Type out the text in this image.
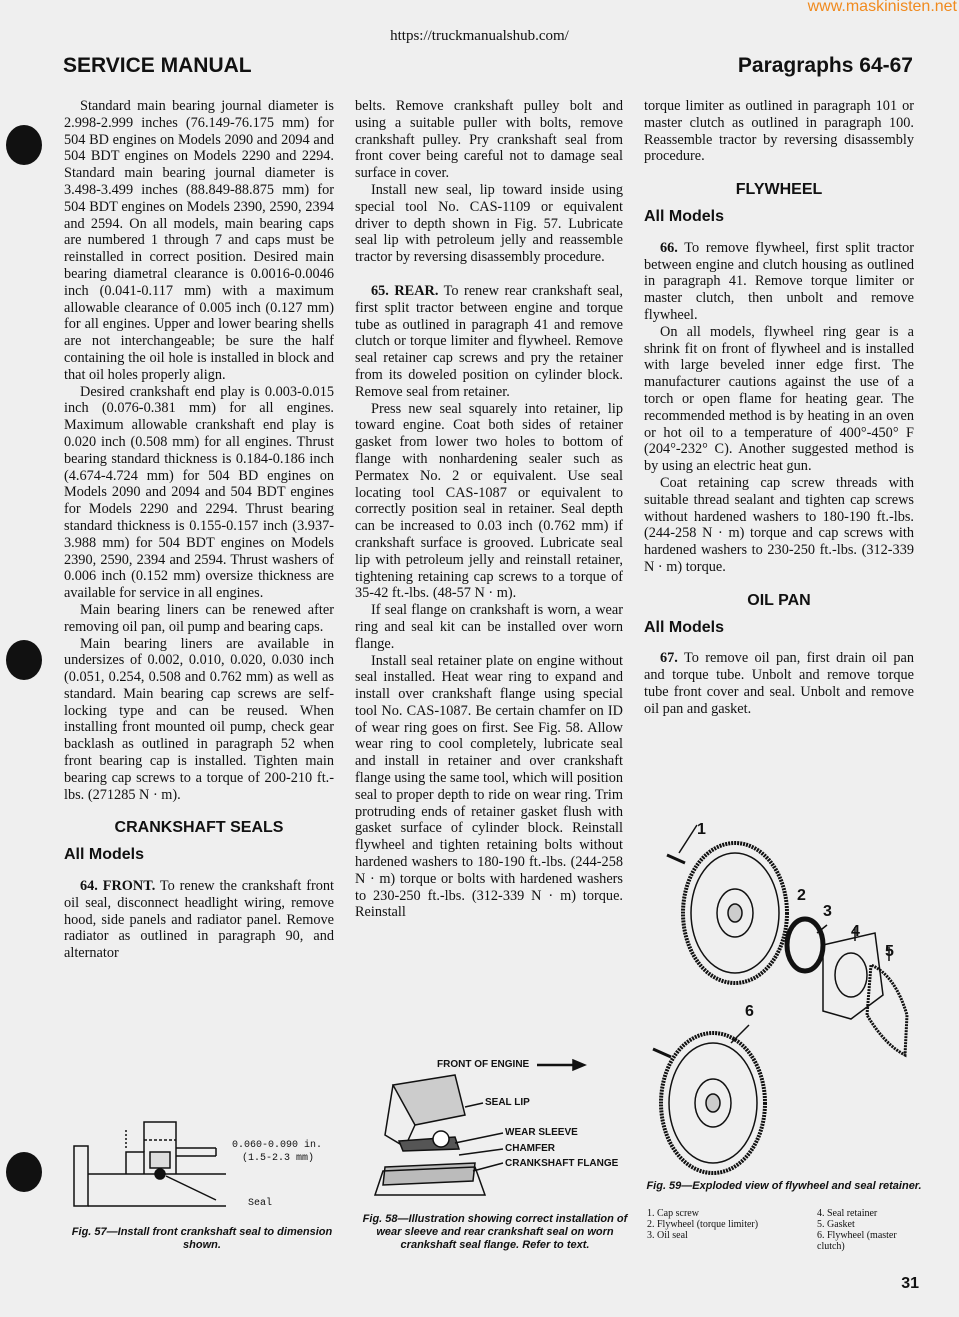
www.maskinisten.net
https://truckmanualshub.com/
SERVICE MANUAL	Paragraphs 64-67

Standard main bearing journal diameter is 2.998-2.999 inches (76.149-76.175 mm) for 504 BD engines on Models 2090 and 2094 and 504 BDT engines on Models 2290 and 2294. Standard main bearing journal diameter is 3.498-3.499 inches (88.849-88.875 mm) for 504 BDT engines on Models 2390, 2590, 2394 and 2594. On all models, main bearing caps are numbered 1 through 7 and caps must be reinstalled in correct position. Desired main bearing diametral clearance is 0.0016-0.0046 inch (0.041-0.117 mm) with a maximum allowable clearance of 0.005 inch (0.127 mm) for all engines. Upper and lower bearing shells are not interchangeable; be sure the half containing the oil hole is installed in block and that oil holes properly align.

Desired crankshaft end play is 0.003-0.015 inch (0.076-0.381 mm) for all engines. Maximum allowable crankshaft end play is 0.020 inch (0.508 mm) for all engines. Thrust bearing standard thickness is 0.184-0.186 inch (4.674-4.724 mm) for 504 BD engines on Models 2090 and 2094 and 504 BDT engines for Models 2290 and 2294. Thrust bearing standard thickness is 0.155-0.157 inch (3.937-3.988 mm) for 504 BDT engines on Models 2390, 2590, 2394 and 2594. Thrust washers of 0.006 inch (0.152 mm) oversize thickness are available for service in all engines.

Main bearing liners can be renewed after removing oil pan, oil pump and bearing caps.

Main bearing liners are available in undersizes of 0.002, 0.010, 0.020, 0.030 inch (0.051, 0.254, 0.508 and 0.762 mm) as well as standard. Main bearing cap screws are self-locking type and can be reused. When installing front mounted oil pump, check gear backlash as outlined in paragraph 52 when front bearing cap is installed. Tighten main bearing cap screws to a torque of 200-210 ft.-lbs. (271285 N · m).

CRANKSHAFT SEALS
All Models

64. FRONT. To renew the crankshaft front oil seal, disconnect headlight wiring, remove hood, side panels and radiator panel. Remove radiator as outlined in paragraph 90, and alternator

belts. Remove crankshaft pulley bolt and using a suitable puller with bolts, remove crankshaft pulley. Pry crankshaft seal from front cover being careful not to damage seal surface in cover.

Install new seal, lip toward inside using special tool No. CAS-1109 or equivalent driver to depth shown in Fig. 57. Lubricate seal lip with petroleum jelly and reassemble tractor by reversing disassembly procedure.

65. REAR. To renew rear crankshaft seal, first split tractor between engine and torque tube as outlined in paragraph 41 and remove clutch or torque limiter and flywheel. Remove seal retainer cap screws and pry the retainer from its doweled position on cylinder block. Remove seal from retainer.

Press new seal squarely into retainer, lip toward engine. Coat both sides of retainer gasket from lower two holes to bottom of flange with nonhardening sealer such as Permatex No. 2 or equivalent. Use seal locating tool CAS-1087 or equivalent to correctly position seal in retainer. Seal depth can be increased to 0.03 inch (0.762 mm) if crankshaft surface is grooved. Lubricate seal lip with petroleum jelly and reinstall retainer, tightening retaining cap screws to a torque of 35-42 ft.-lbs. (48-57 N · m).

If seal flange on crankshaft is worn, a wear ring and seal kit can be installed over worn flange.

Install seal retainer plate on engine without seal installed. Heat wear ring to expand and install over crankshaft flange using special tool No. CAS-1087. Be certain chamfer on ID of wear ring goes on first. See Fig. 58. Allow wear ring to cool completely, lubricate seal and install in retainer and over crankshaft flange using the same tool, which will position seal to proper depth to ride on wear ring. Trim protruding ends of retainer gasket flush with gasket surface of cylinder block. Reinstall flywheel and tighten retaining bolts without hardened washers to 180-190 ft.-lbs. (244-258 N · m) torque or bolts with hardened washers to 230-250 ft.-lbs. (312-339 N · m) torque. Reinstall

torque limiter as outlined in paragraph 101 or master clutch as outlined in paragraph 100. Reassemble tractor by reversing disassembly procedure.

FLYWHEEL
All Models

66. To remove flywheel, first split tractor between engine and clutch housing as outlined in paragraph 41. Remove torque limiter or master clutch, then unbolt and remove flywheel.

On all models, flywheel ring gear is a shrink fit on front of flywheel and is installed with large beveled inner edge first. The manufacturer cautions against the use of a torch or open flame for heating gear. The recommended method is by heating in an oven or hot oil to a temperature of 400°-450° F (204°-232° C). Another suggested method is by using an electric heat gun.

Coat retaining cap screw threads with suitable thread sealant and tighten cap screws without hardened washers to 180-190 ft.-lbs. (244-258 N · m) torque and cap screws with hardened washers to 230-250 ft.-lbs. (312-339 N · m) torque.

OIL PAN
All Models

67. To remove oil pan, first drain oil pan and torque tube. Unbolt and remove torque tube front cover and seal. Unbolt and remove oil pan and gasket.

0.060-0.090 in.
(1.5-2.3 mm)
Seal
Fig. 57—Install front crankshaft seal to dimension shown.
FRONT OF ENGINE
SEAL LIP
WEAR SLEEVE
CHAMFER
CRANKSHAFT FLANGE
Fig. 58—Illustration showing correct installation of wear sleeve and rear crankshaft seal on worn crankshaft seal flange. Refer to text.
1
2
3
4
5
6
Fig. 59—Exploded view of flywheel and seal retainer.
1. Cap screw
2. Flywheel (torque limiter)
3. Oil seal
4. Seal retainer
5. Gasket
6. Flywheel (master clutch)
31
